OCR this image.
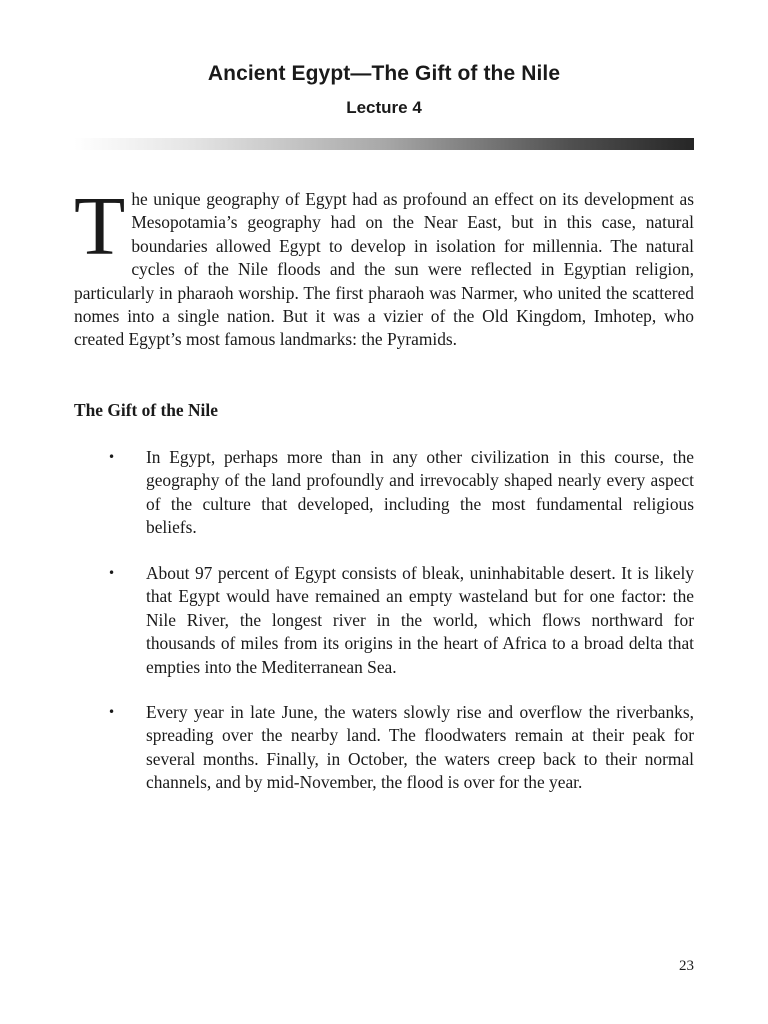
Ancient Egypt—The Gift of the Nile
Lecture 4
The unique geography of Egypt had as profound an effect on its development as Mesopotamia’s geography had on the Near East, but in this case, natural boundaries allowed Egypt to develop in isolation for millennia. The natural cycles of the Nile floods and the sun were reflected in Egyptian religion, particularly in pharaoh worship. The first pharaoh was Narmer, who united the scattered nomes into a single nation. But it was a vizier of the Old Kingdom, Imhotep, who created Egypt’s most famous landmarks: the Pyramids.
The Gift of the Nile
•	In Egypt, perhaps more than in any other civilization in this course, the geography of the land profoundly and irrevocably shaped nearly every aspect of the culture that developed, including the most fundamental religious beliefs.
•	About 97 percent of Egypt consists of bleak, uninhabitable desert. It is likely that Egypt would have remained an empty wasteland but for one factor: the Nile River, the longest river in the world, which flows northward for thousands of miles from its origins in the heart of Africa to a broad delta that empties into the Mediterranean Sea.
•	Every year in late June, the waters slowly rise and overflow the riverbanks, spreading over the nearby land. The floodwaters remain at their peak for several months. Finally, in October, the waters creep back to their normal channels, and by mid-November, the flood is over for the year.
23
